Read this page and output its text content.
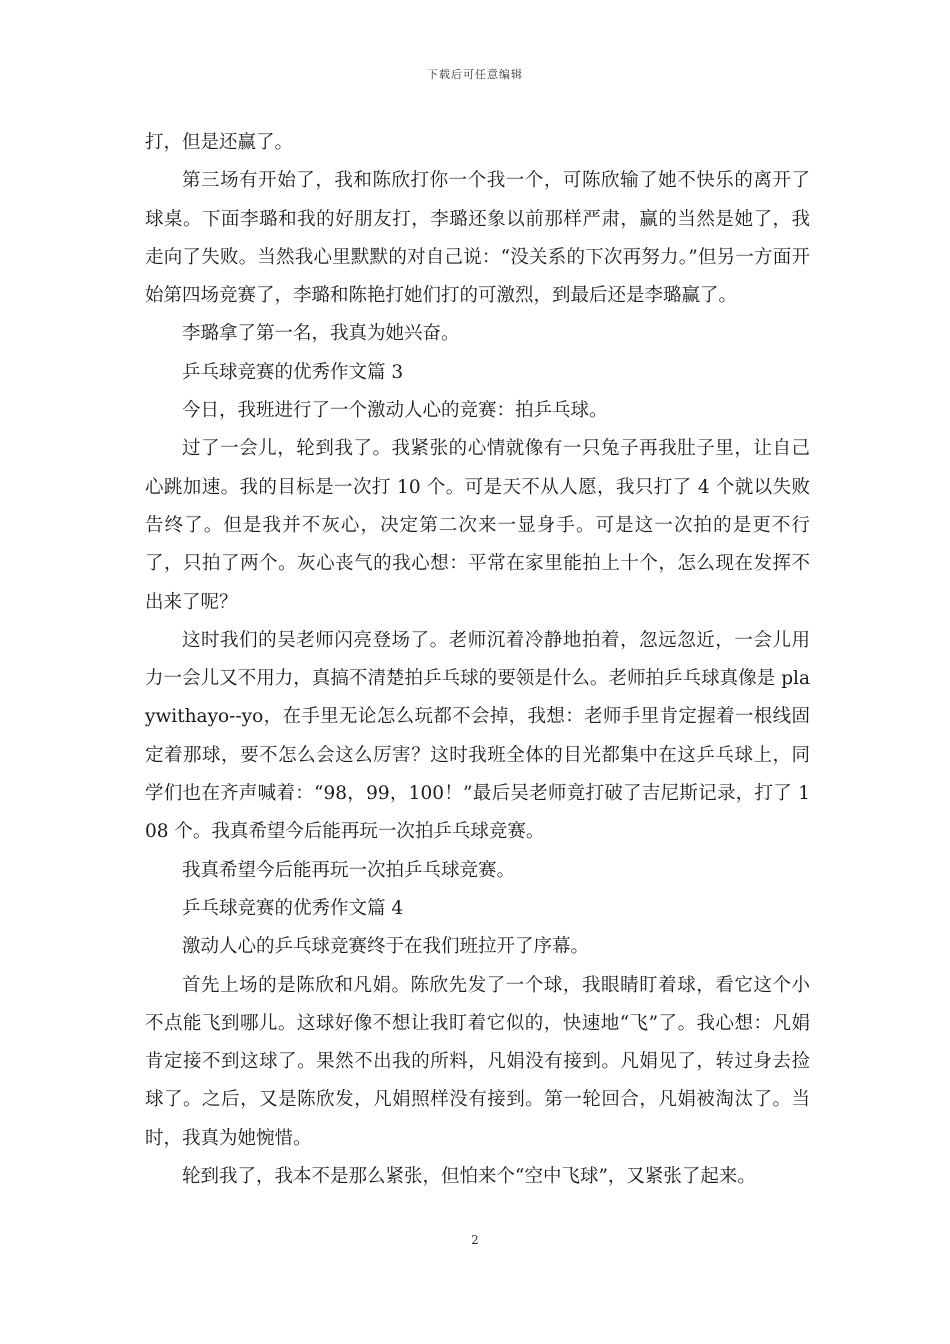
下载后可任意编辑

打，但是还赢了。

第三场有开始了，我和陈欣打你一个我一个，可陈欣输了她不快乐的离开了球桌。下面李璐和我的好朋友打，李璐还象以前那样严肃，赢的当然是她了，我走向了失败。当然我心里默默的对自己说：“没关系的下次再努力。”但另一方面开始第四场竞赛了，李璐和陈艳打她们打的可激烈，到最后还是李璐赢了。

李璐拿了第一名，我真为她兴奋。

乒乓球竞赛的优秀作文篇 3

今日，我班进行了一个激动人心的竞赛：拍乒乓球。

过了一会儿，轮到我了。我紧张的心情就像有一只兔子再我肚子里，让自己心跳加速。我的目标是一次打 10 个。可是天不从人愿，我只打了 4 个就以失败告终了。但是我并不灰心，决定第二次来一显身手。可是这一次拍的是更不行了，只拍了两个。灰心丧气的我心想：平常在家里能拍上十个，怎么现在发挥不出来了呢？

这时我们的吴老师闪亮登场了。老师沉着冷静地拍着，忽远忽近，一会儿用力一会儿又不用力，真搞不清楚拍乒乓球的要领是什么。老师拍乒乓球真像是 playwithayo--yo，在手里无论怎么玩都不会掉，我想：老师手里肯定握着一根线固定着那球，要不怎么会这么厉害？这时我班全体的目光都集中在这乒乓球上，同学们也在齐声喊着：“98，99，100！”最后吴老师竟打破了吉尼斯记录，打了 108 个。我真希望今后能再玩一次拍乒乓球竞赛。

我真希望今后能再玩一次拍乒乓球竞赛。

乒乓球竞赛的优秀作文篇 4

激动人心的乒乓球竞赛终于在我们班拉开了序幕。

首先上场的是陈欣和凡娟。陈欣先发了一个球，我眼睛盯着球，看它这个小不点能飞到哪儿。这球好像不想让我盯着它似的，快速地“飞”了。我心想：凡娟肯定接不到这球了。果然不出我的所料，凡娟没有接到。凡娟见了，转过身去捡球了。之后，又是陈欣发，凡娟照样没有接到。第一轮回合，凡娟被淘汰了。当时，我真为她惋惜。

轮到我了，我本不是那么紧张，但怕来个“空中飞球”，又紧张了起来。

2
